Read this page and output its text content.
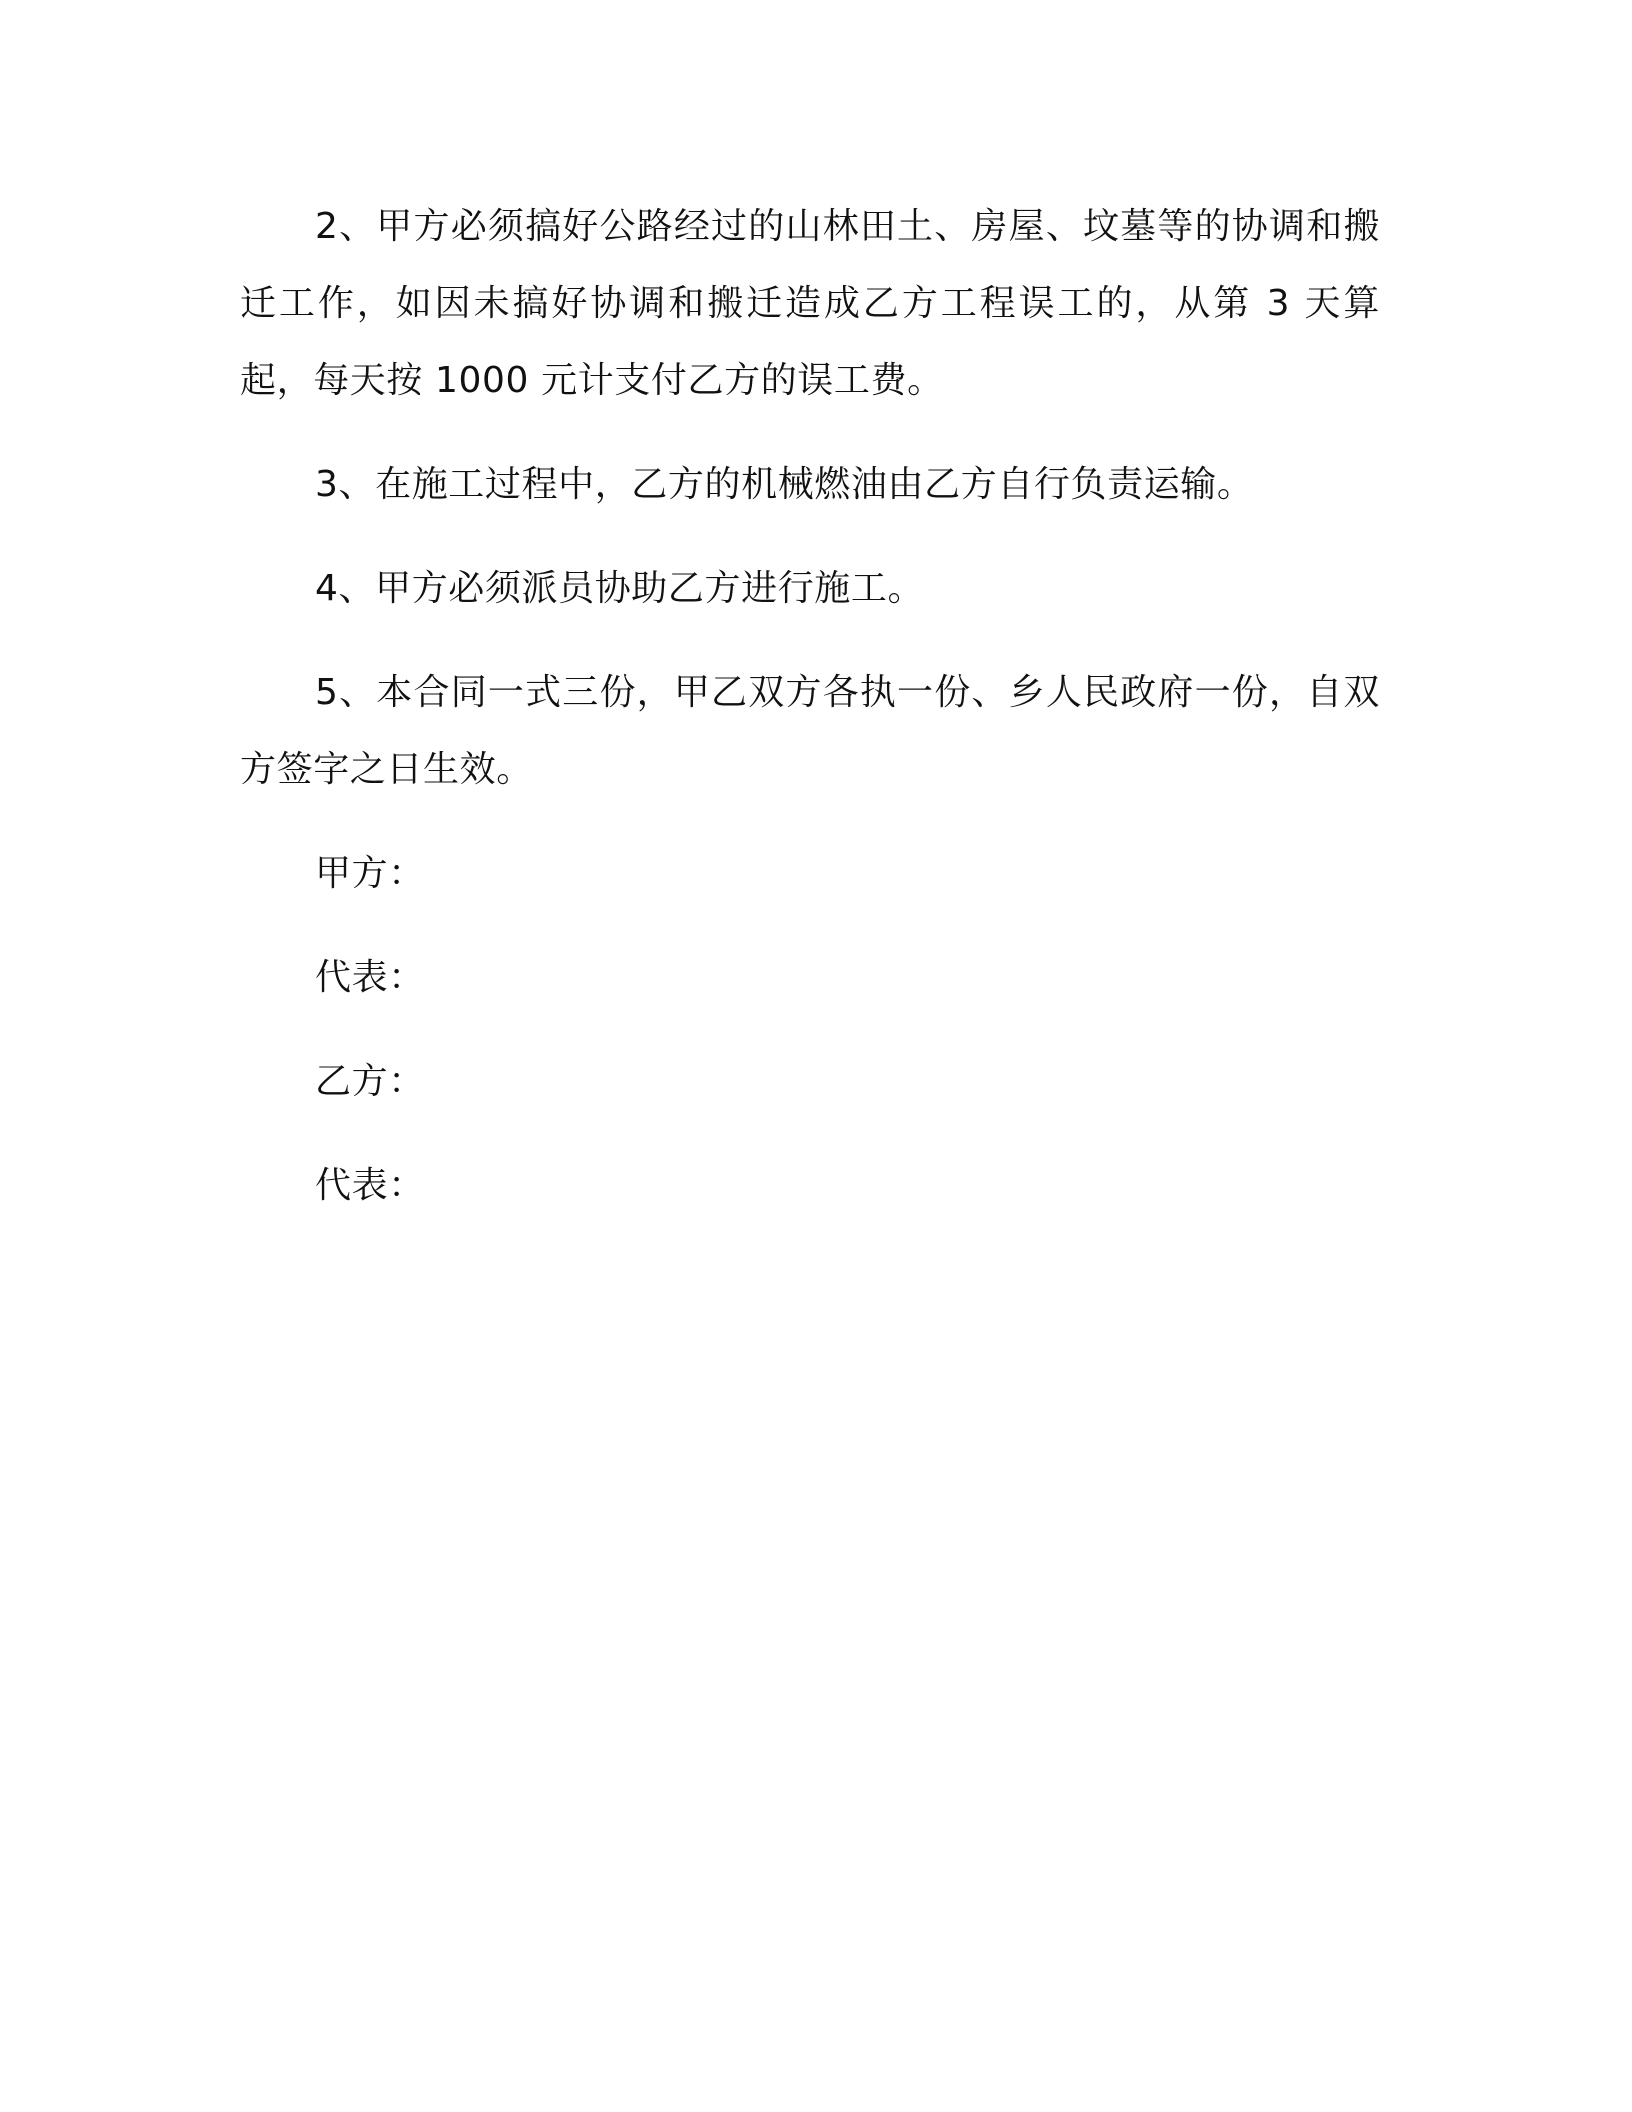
2、甲方必须搞好公路经过的山林田土、房屋、坟墓等的协调和搬迁工作，如因未搞好协调和搬迁造成乙方工程误工的，从第 3 天算起，每天按 1000 元计支付乙方的误工费。

3、在施工过程中，乙方的机械燃油由乙方自行负责运输。

4、甲方必须派员协助乙方进行施工。

5、本合同一式三份，甲乙双方各执一份、乡人民政府一份，自双方签字之日生效。

甲方：
代表：
乙方：
代表：
